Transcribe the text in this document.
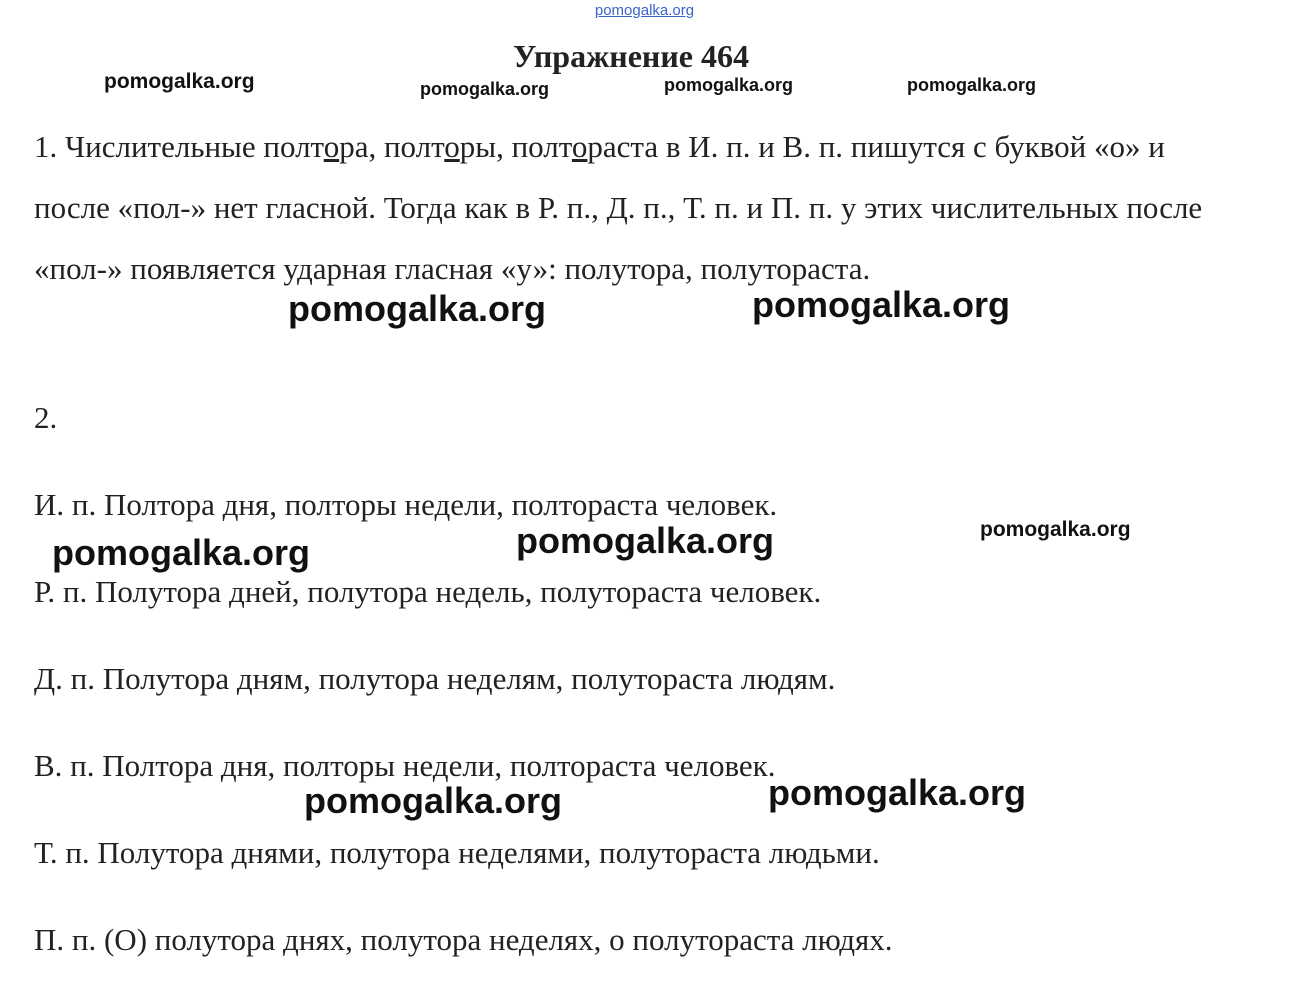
pomogalka.org
Упражнение 464
pomogalka.org	pomogalka.org	pomogalka.org	pomogalka.org
1. Числительные полтора, полторы, полтораста в И. п. и В. п. пишутся с буквой «о» и после «пол-» нет гласной. Тогда как в Р. п., Д. п., Т. п. и П. п. у этих числительных после «пол-» появляется ударная гласная «у»: полутора, полутораста.
pomogalka.org	pomogalka.org
2.
И. п. Полтора дня, полторы недели, полтораста человек.
pomogalka.org
pomogalka.org	pomogalka.org
Р. п. Полутора дней, полутора недель, полутораста человек.
Д. п. Полутора дням, полутора неделям, полутораста людям.
В. п. Полтора дня, полторы недели, полтораста человек.
pomogalka.org	pomogalka.org
Т. п. Полутора днями, полутора неделями, полутораста людьми.
П. п. (О) полутора днях, полутора неделях, о полутораста людях.
